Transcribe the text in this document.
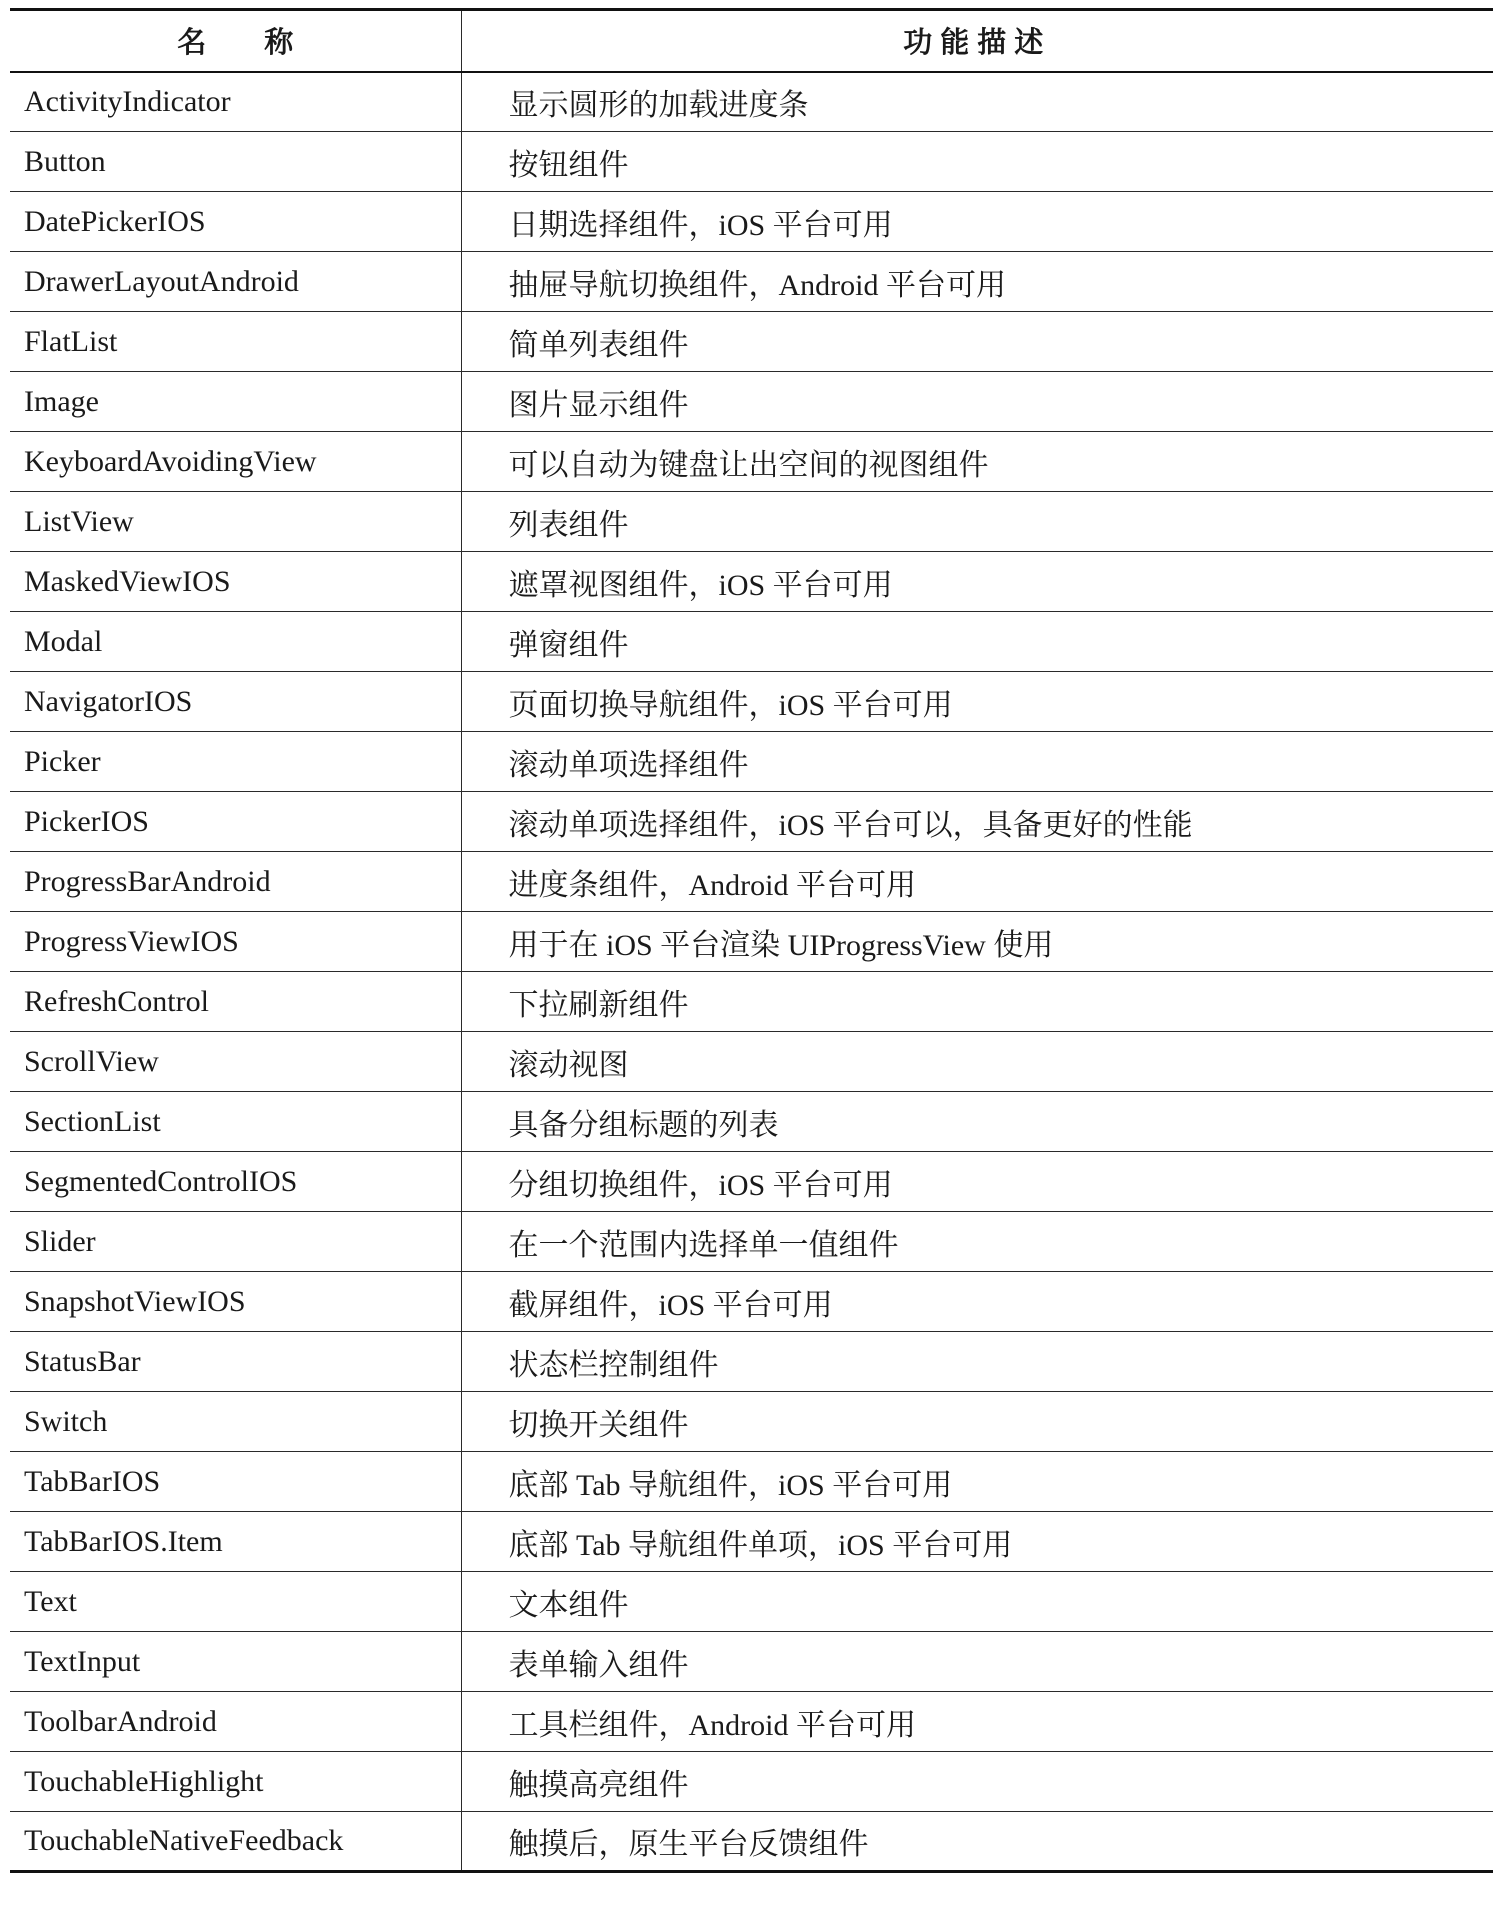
名称	功能描述
ActivityIndicator	显示圆形的加载进度条
Button	按钮组件
DatePickerIOS	日期选择组件，iOS 平台可用
DrawerLayoutAndroid	抽屉导航切换组件，Android 平台可用
FlatList	简单列表组件
Image	图片显示组件
KeyboardAvoidingView	可以自动为键盘让出空间的视图组件
ListView	列表组件
MaskedViewIOS	遮罩视图组件，iOS 平台可用
Modal	弹窗组件
NavigatorIOS	页面切换导航组件，iOS 平台可用
Picker	滚动单项选择组件
PickerIOS	滚动单项选择组件，iOS 平台可以，具备更好的性能
ProgressBarAndroid	进度条组件，Android 平台可用
ProgressViewIOS	用于在 iOS 平台渲染 UIProgressView 使用
RefreshControl	下拉刷新组件
ScrollView	滚动视图
SectionList	具备分组标题的列表
SegmentedControlIOS	分组切换组件，iOS 平台可用
Slider	在一个范围内选择单一值组件
SnapshotViewIOS	截屏组件，iOS 平台可用
StatusBar	状态栏控制组件
Switch	切换开关组件
TabBarIOS	底部 Tab 导航组件，iOS 平台可用
TabBarIOS.Item	底部 Tab 导航组件单项，iOS 平台可用
Text	文本组件
TextInput	表单输入组件
ToolbarAndroid	工具栏组件，Android 平台可用
TouchableHighlight	触摸高亮组件
TouchableNativeFeedback	触摸后，原生平台反馈组件
